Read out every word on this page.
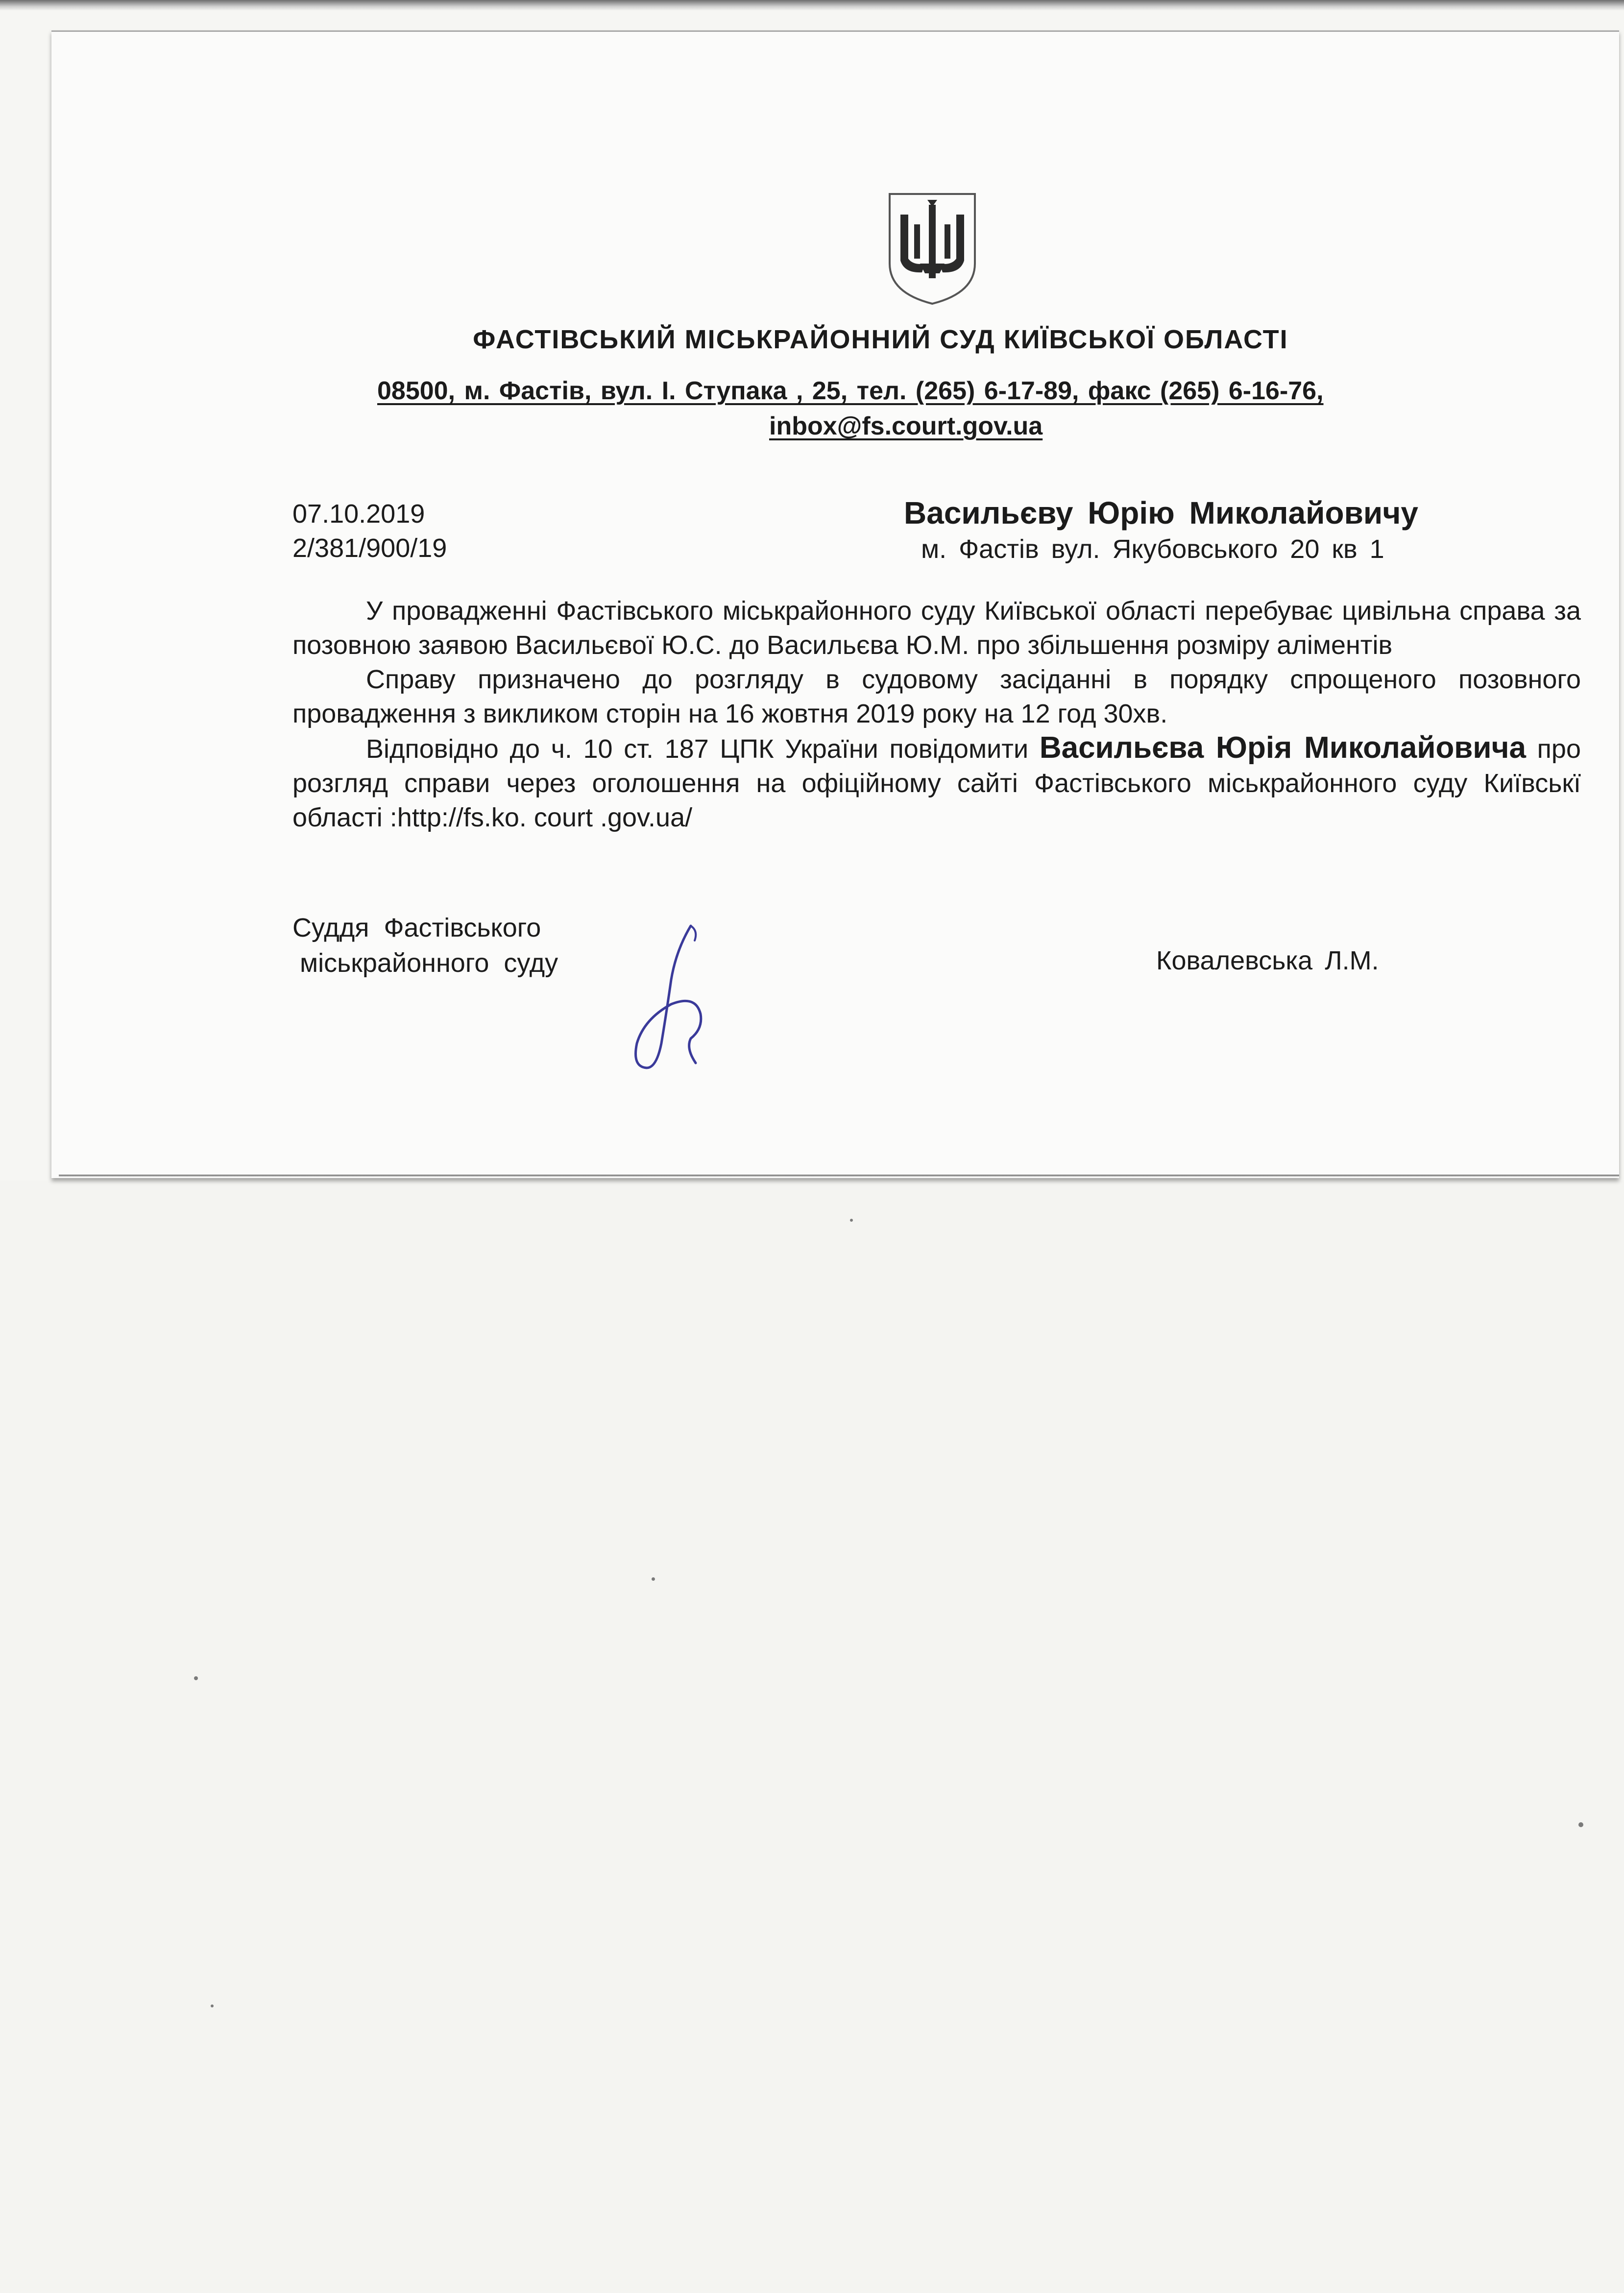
ФАСТІВСЬКИЙ МІСЬКРАЙОННИЙ СУД КИЇВСЬКОЇ ОБЛАСТІ
08500, м. Фастів, вул. І. Ступака , 25, тел. (265) 6-17-89, факс (265) 6-16-76,
inbox@fs.court.gov.ua
07.10.2019
2/381/900/19
Васильєву Юрію Миколайовичу
м. Фастів вул. Якубовського 20 кв 1

У провадженні Фастівського міськрайонного суду Київської області перебуває цивільна справа за позовною заявою Васильєвої Ю.С. до Васильєва Ю.М. про збільшення розміру аліментів

Справу призначено до розгляду в судовому засіданні в порядку спрощеного позовного провадження з викликом сторін на 16 жовтня 2019 року на 12 год 30хв.

Відповідно до ч. 10 ст. 187 ЦПК України повідомити Васильєва Юрія Миколайовича про розгляд справи через оголошення на офіційному сайті Фастівського міськрайонного суду Київськї області :http://fs.ko. court .gov.ua/

Суддя  Фастівського
міськрайонного  суду	Ковалевська Л.М.
